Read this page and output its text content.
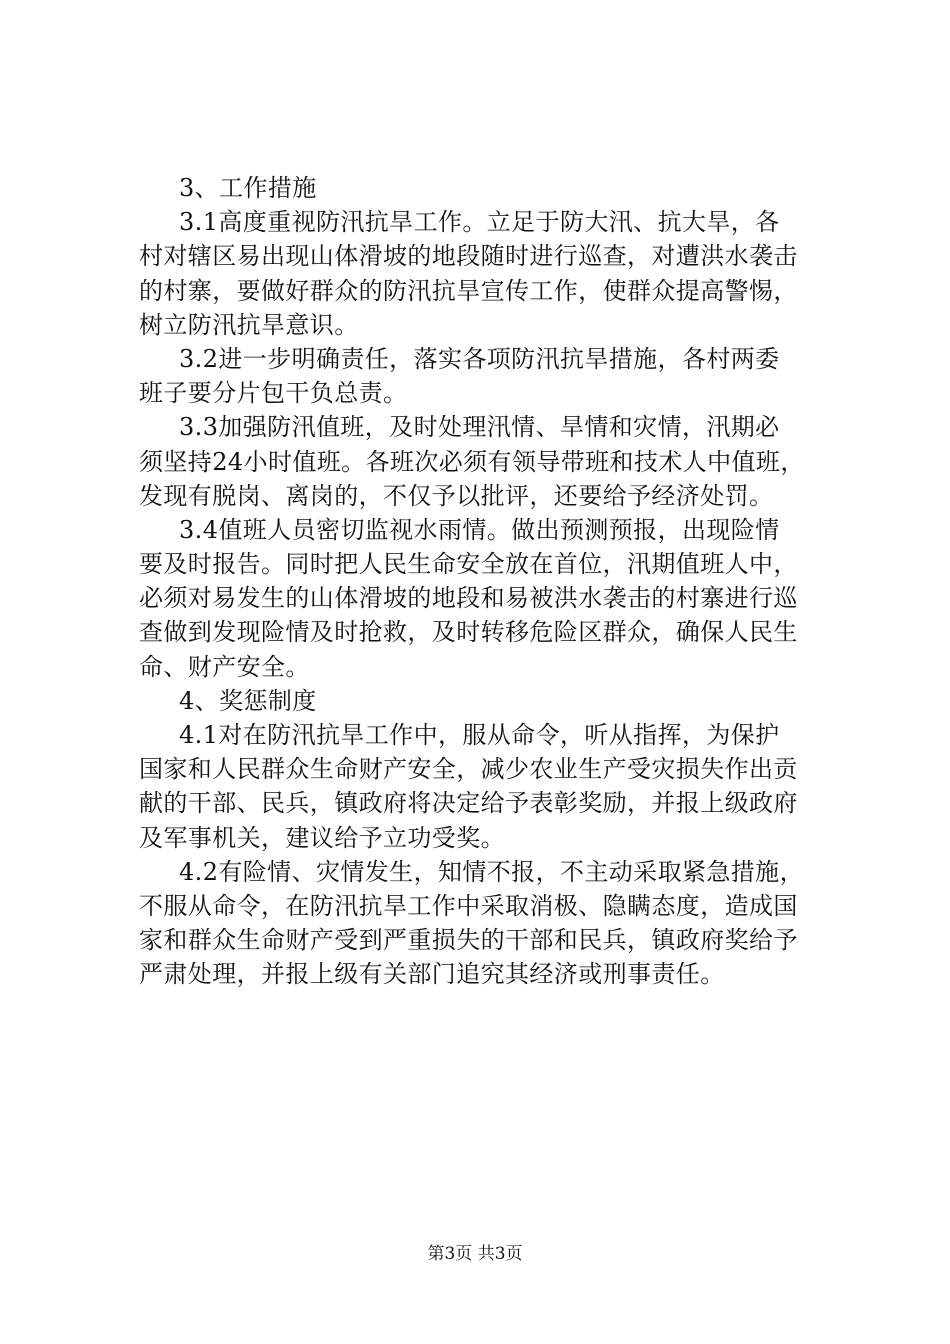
3、工作措施
3.1高度重视防汛抗旱工作。立足于防大汛、抗大旱，各
村对辖区易出现山体滑坡的地段随时进行巡查，对遭洪水袭击
的村寨，要做好群众的防汛抗旱宣传工作，使群众提高警惕，
树立防汛抗旱意识。
3.2进一步明确责任，落实各项防汛抗旱措施，各村两委
班子要分片包干负总责。
3.3加强防汛值班，及时处理汛情、旱情和灾情，汛期必
须坚持24小时值班。各班次必须有领导带班和技术人中值班，
发现有脱岗、离岗的，不仅予以批评，还要给予经济处罚。
3.4值班人员密切监视水雨情。做出预测预报，出现险情
要及时报告。同时把人民生命安全放在首位，汛期值班人中，
必须对易发生的山体滑坡的地段和易被洪水袭击的村寨进行巡
查做到发现险情及时抢救，及时转移危险区群众，确保人民生
命、财产安全。
4、奖惩制度
4.1对在防汛抗旱工作中，服从命令，听从指挥，为保护
国家和人民群众生命财产安全，减少农业生产受灾损失作出贡
献的干部、民兵，镇政府将决定给予表彰奖励，并报上级政府
及军事机关，建议给予立功受奖。
4.2有险情、灾情发生，知情不报，不主动采取紧急措施，
不服从命令，在防汛抗旱工作中采取消极、隐瞒态度，造成国
家和群众生命财产受到严重损失的干部和民兵，镇政府奖给予
严肃处理，并报上级有关部门追究其经济或刑事责任。
第3页 共3页
